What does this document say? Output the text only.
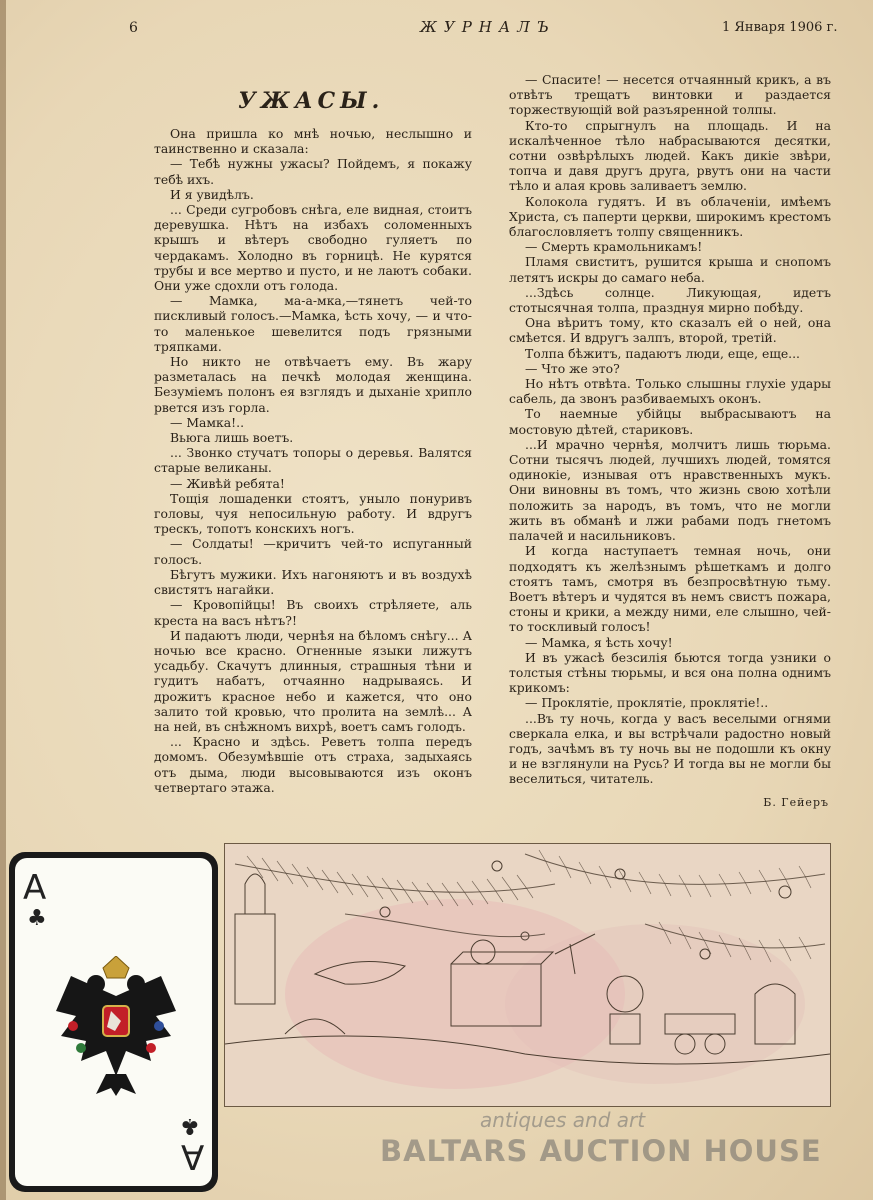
6	ЖУРНАЛЪ	1 Января 1906 г.
УЖАСЫ.

Она пришла ко мнѣ ночью, неслышно и таинственно и сказала:

— Тебѣ нужны ужасы? Пойдемъ, я покажу тебѣ ихъ.

И я увидѣлъ.

... Среди сугробовъ снѣга, еле видная, стоитъ деревушка. Нѣтъ на избахъ соломенныхъ крышъ и вѣтеръ свободно гуляетъ по чердакамъ. Холодно въ горницѣ. Не курятся трубы и все мертво и пусто, и не лаютъ собаки. Они уже сдохли отъ голода.

— Мамка, ма-а-мка,—тянетъ чей-то пискливый голосъ.—Мамка, ѣсть хочу, — и что-то маленькое шевелится подъ грязными тряпками.

Но никто не отвѣчаетъ ему. Въ жару разметалась на печкѣ молодая женщина. Безумiемъ полонъ ея взглядъ и дыханiе хрипло рвется изъ горла.

— Мамка!..

Вьюга лишь воетъ.

... Звонко стучатъ топоры о деревья. Валятся старые великаны.

— Живѣй ребята!

Тощiя лошаденки стоятъ, уныло понуривъ головы, чуя непосильную работу. И вдругъ трескъ, топотъ конскихъ ногъ.

— Солдаты! —кричитъ чей-то испуганный голосъ.

Бѣгутъ мужики. Ихъ нагоняютъ и въ воздухѣ свистятъ нагайки.

— Кровопiйцы! Въ своихъ стрѣляете, аль креста на васъ нѣтъ?!

И падаютъ люди, чернѣя на бѣломъ снѣгу... А ночью все красно. Огненные языки лижутъ усадьбу. Скачутъ длинныя, страшныя тѣни и гудитъ набатъ, отчаянно надрываясь. И дрожитъ красное небо и кажется, что оно залито той кровью, что пролита на землѣ... А на ней, въ снѣжномъ вихрѣ, воетъ самъ голодъ.

... Красно и здѣсь. Реветъ толпа передъ домомъ. Обезумѣвшiе отъ страха, задыхаясь отъ дыма, люди высовываются изъ оконъ четвертаго этажа.

— Спасите! — несется отчаянный крикъ, а въ отвѣтъ трещатъ винтовки и раздается торжествующiй вой разъяренной толпы.

Кто-то спрыгнулъ на площадь. И на искалѣченное тѣло набрасываются десятки, сотни озвѣрѣлыхъ людей. Какъ дикiе звѣри, топча и давя другъ друга, рвутъ они на части тѣло и алая кровь заливаетъ землю.

Колокола гудятъ. И въ облаченiи, имѣемъ Христа, съ паперти церкви, широкимъ крестомъ благословляетъ толпу священникъ.

— Смерть крамольникамъ!

Пламя свиститъ, рушится крыша и снопомъ летятъ искры до самаго неба.

...Здѣсь солнце. Ликующая, идетъ стотысячная толпа, празднуя мирно побѣду.

Она вѣритъ тому, кто сказалъ ей о ней, она смѣется. И вдругъ залпъ, второй, третiй.

Толпа бѣжитъ, падаютъ люди, еще, еще...

— Что же это?

Но нѣтъ отвѣта. Только слышны глухiе удары сабель, да звонъ разбиваемыхъ оконъ.

То наемные убiйцы выбрасываютъ на мостовую дѣтей, стариковъ.

...И мрачно чернѣя, молчитъ лишь тюрьма. Сотни тысячъ людей, лучшихъ людей, томятся одинокiе, изнывая отъ нравственныхъ мукъ. Они виновны въ томъ, что жизнь свою хотѣли положить за народъ, въ томъ, что не могли жить въ обманѣ и лжи рабами подъ гнетомъ палачей и насильниковъ.

И когда наступаетъ темная ночь, они подходятъ къ желѣзнымъ рѣшеткамъ и долго стоятъ тамъ, смотря въ безпросвѣтную тьму. Воетъ вѣтеръ и чудятся въ немъ свистъ пожара, стоны и крики, а между ними, еле слышно, чей-то тоскливый голосъ!

— Мамка, я ѣсть хочу!

И въ ужасѣ безсилiя бьются тогда узники о толстыя стѣны тюрьмы, и вся она полна однимъ крикомъ:

— Проклятiе, проклятiе, проклятiе!..

...Въ ту ночь, когда у васъ веселыми огнями сверкала елка, и вы встрѣчали радостно новый годъ, зачѣмъ въ ту ночь вы не подошли къ окну и не взглянули на Русь? И тогда вы не могли бы веселиться, читатель.

Б. Гейеръ

A
♣
♣
A
antiques and art
BALTARS AUCTION HOUSE
